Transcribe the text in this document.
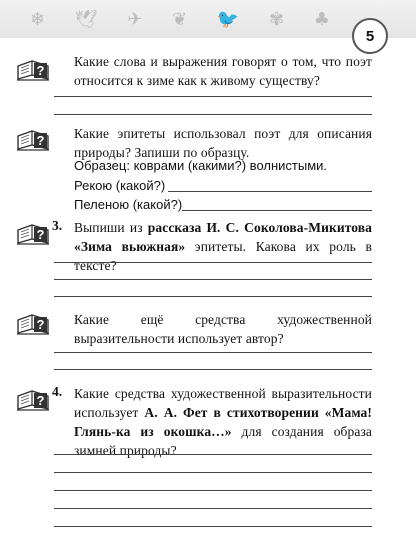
❄ 🕊 ✈ ❦ 🐦 ✾ ♣
5
Какие слова и выражения говорят о том, что поэт относится к зиме как к живому существу?
Какие эпитеты использовал поэт для описания природы? Запиши по образцу.
Образец: коврами (какими?) волнистыми.
Рекою (какой?)
Пеленою (какой?)
3. Выпиши из рассказа И. С. Соколова-Микитова «Зима вьюжная» эпитеты. Какова их роль в тексте?
Какие ещё средства художественной выразительности использует автор?
4. Какие средства художественной выразительности использует А. А. Фет в стихотворении «Мама! Глянь-ка из окошка…» для создания образа зимней природы?
